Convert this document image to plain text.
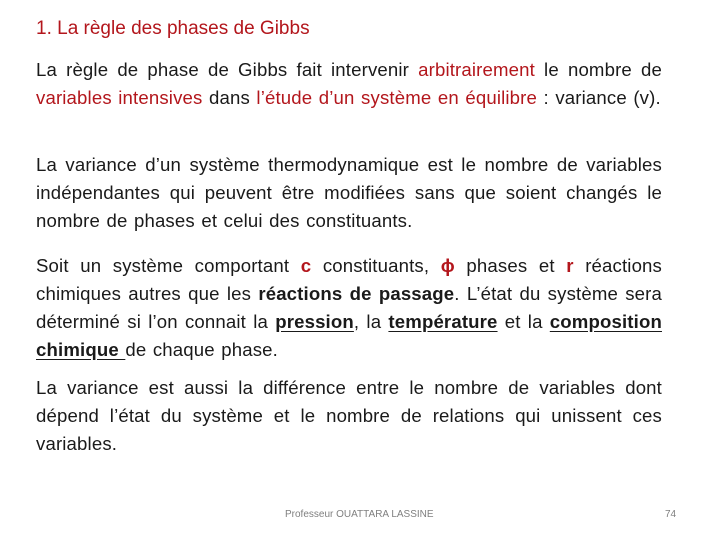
1. La règle des phases de Gibbs
La règle de phase de Gibbs fait intervenir arbitrairement le nombre de variables intensives dans l’étude d’un système en équilibre : variance (v).
La variance d’un système thermodynamique est le nombre de variables indépendantes qui peuvent être modifiées sans que soient changés le nombre de phases et celui des constituants.
Soit un système comportant c constituants, ϕ phases et r réactions chimiques autres que les réactions de passage. L’état du système sera déterminé si l’on connait la pression, la température et la composition chimique de chaque phase.
La variance est aussi la différence entre le nombre de variables dont dépend l’état du système et le nombre de relations qui unissent ces variables.
Professeur OUATTARA LASSINE	74
